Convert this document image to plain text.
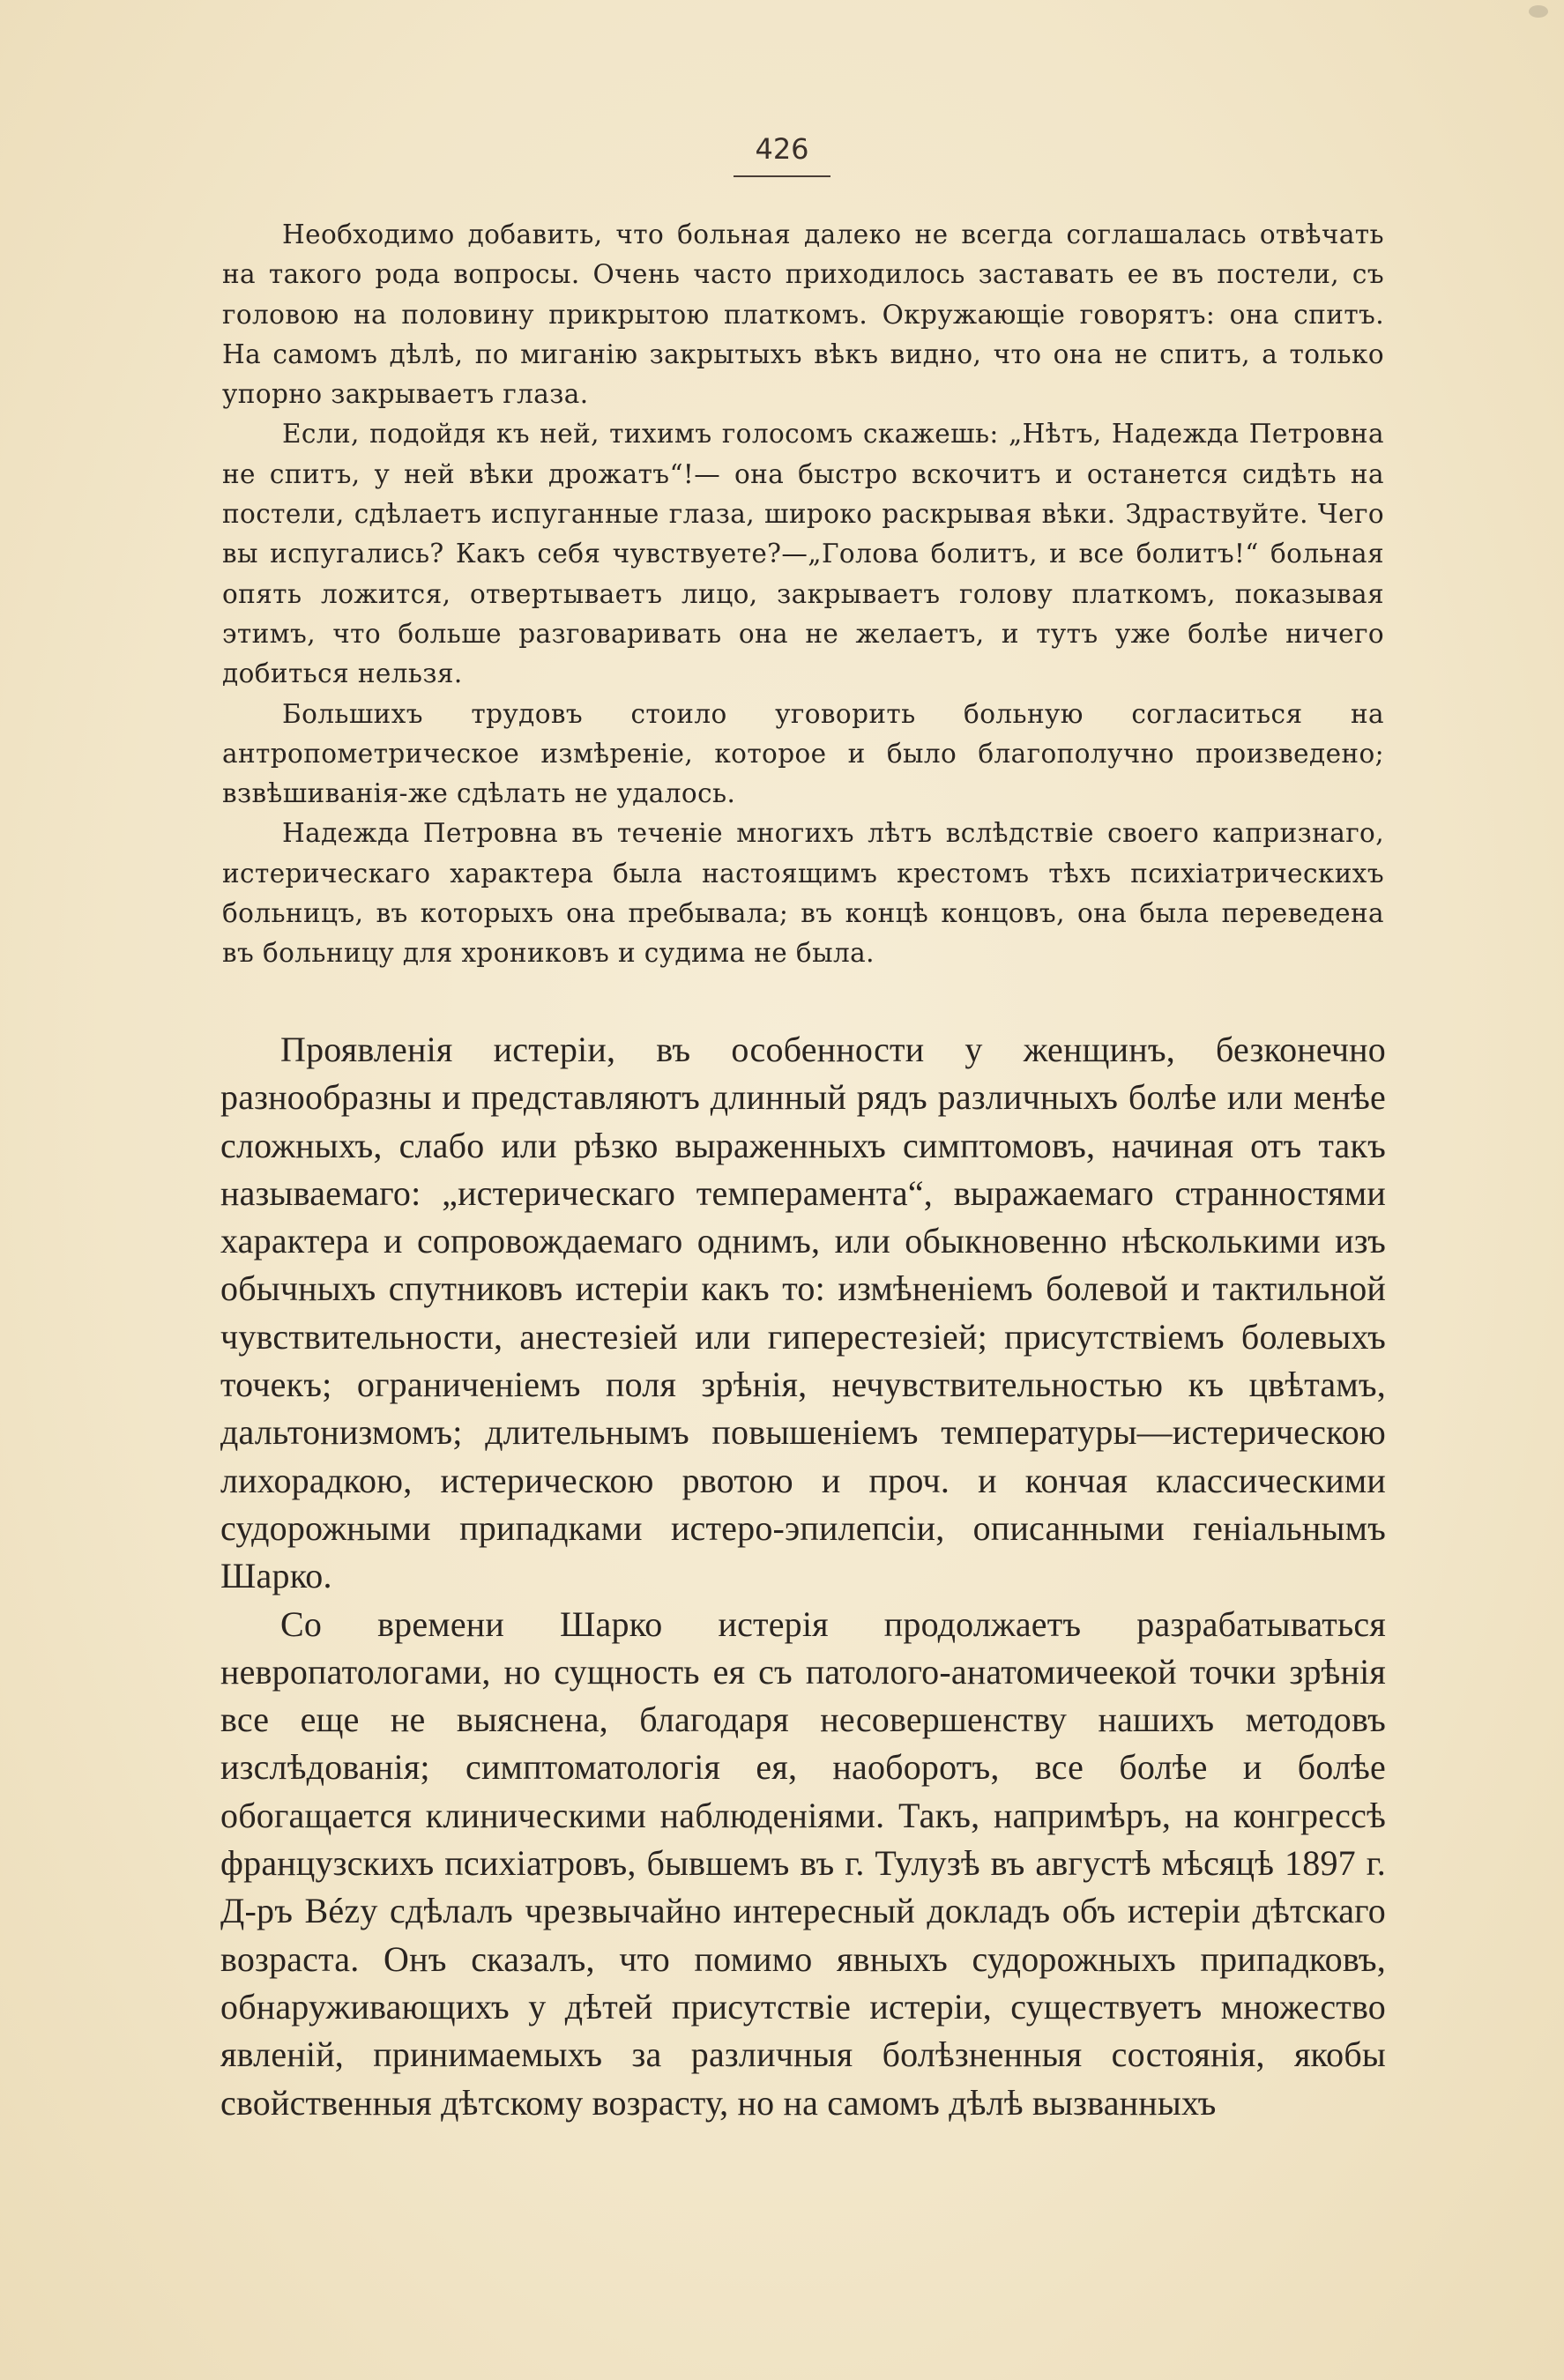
426

Необходимо добавить, что больная далеко не всегда соглашалась отвѣчать на такого рода вопросы. Очень часто приходилось заставать ее въ постели, съ головою на половину прикрытою платкомъ. Окружающіе говорятъ: она спитъ. На самомъ дѣлѣ, по миганію закрытыхъ вѣкъ видно, что она не спитъ, а только упорно закрываетъ глаза.

Если, подойдя къ ней, тихимъ голосомъ скажешь: „Нѣтъ, Надежда Петровна не спитъ, у ней вѣки дрожатъ“!— она быстро вскочитъ и останется сидѣть на постели, сдѣлаетъ испуганные глаза, широко раскрывая вѣки. Здраствуйте. Чего вы испугались? Какъ себя чувствуете?—„Голова болитъ, и все болитъ!“ больная опять ложится, отвертываетъ лицо, закрываетъ голову платкомъ, показывая этимъ, что больше разговаривать она не желаетъ, и тутъ уже болѣе ничего добиться нельзя.

Большихъ трудовъ стоило уговорить больную согласиться на антропометрическое измѣреніе, которое и было благополучно произведено; взвѣшиванія-же сдѣлать не удалось.

Надежда Петровна въ теченіе многихъ лѣтъ вслѣдствіе своего капризнаго, истерическаго характера была настоящимъ крестомъ тѣхъ психіатрическихъ больницъ, въ которыхъ она пребывала; въ концѣ концовъ, она была переведена въ больницу для хрониковъ и судима не была.

Проявленія истеріи, въ особенности у женщинъ, безконечно разнообразны и представляютъ длинный рядъ различныхъ болѣе или менѣе сложныхъ, слабо или рѣзко выраженныхъ симптомовъ, начиная отъ такъ называемаго: „истерическаго темперамента“, выражаемаго странностями характера и сопровождаемаго однимъ, или обыкновенно нѣсколькими изъ обычныхъ спутниковъ истеріи какъ то: измѣненіемъ болевой и тактильной чувствительности, анестезіей или гиперестезіей; присутствіемъ болевыхъ точекъ; ограниченіемъ поля зрѣнія, нечувствительностью къ цвѣтамъ, дальтонизмомъ; длительнымъ повышеніемъ температуры—истерическою лихорадкою, истерическою рвотою и проч. и кончая классическими судорожными припадками истеро-эпилепсіи, описанными геніальнымъ Шарко.

Со времени Шарко истерія продолжаетъ разрабатываться невропатологами, но сущность ея съ патолого-анатомичеекой точки зрѣнія все еще не выяснена, благодаря несовершенству нашихъ методовъ изслѣдованія; симптоматологія ея, наоборотъ, все болѣе и болѣе обогащается клиническими наблюденіями. Такъ, напримѣръ, на конгрессѣ французскихъ психіатровъ, бывшемъ въ г. Тулузѣ въ августѣ мѣсяцѣ 1897 г. Д-ръ Bézy сдѣлалъ чрезвычайно интересный докладъ объ истеріи дѣтскаго возраста. Онъ сказалъ, что помимо явныхъ судорожныхъ припадковъ, обнаруживающихъ у дѣтей присутствіе истеріи, существуетъ множество явленій, принимаемыхъ за различныя болѣзненныя состоянія, якобы свойственныя дѣтскому возрасту, но на самомъ дѣлѣ вызванныхъ
